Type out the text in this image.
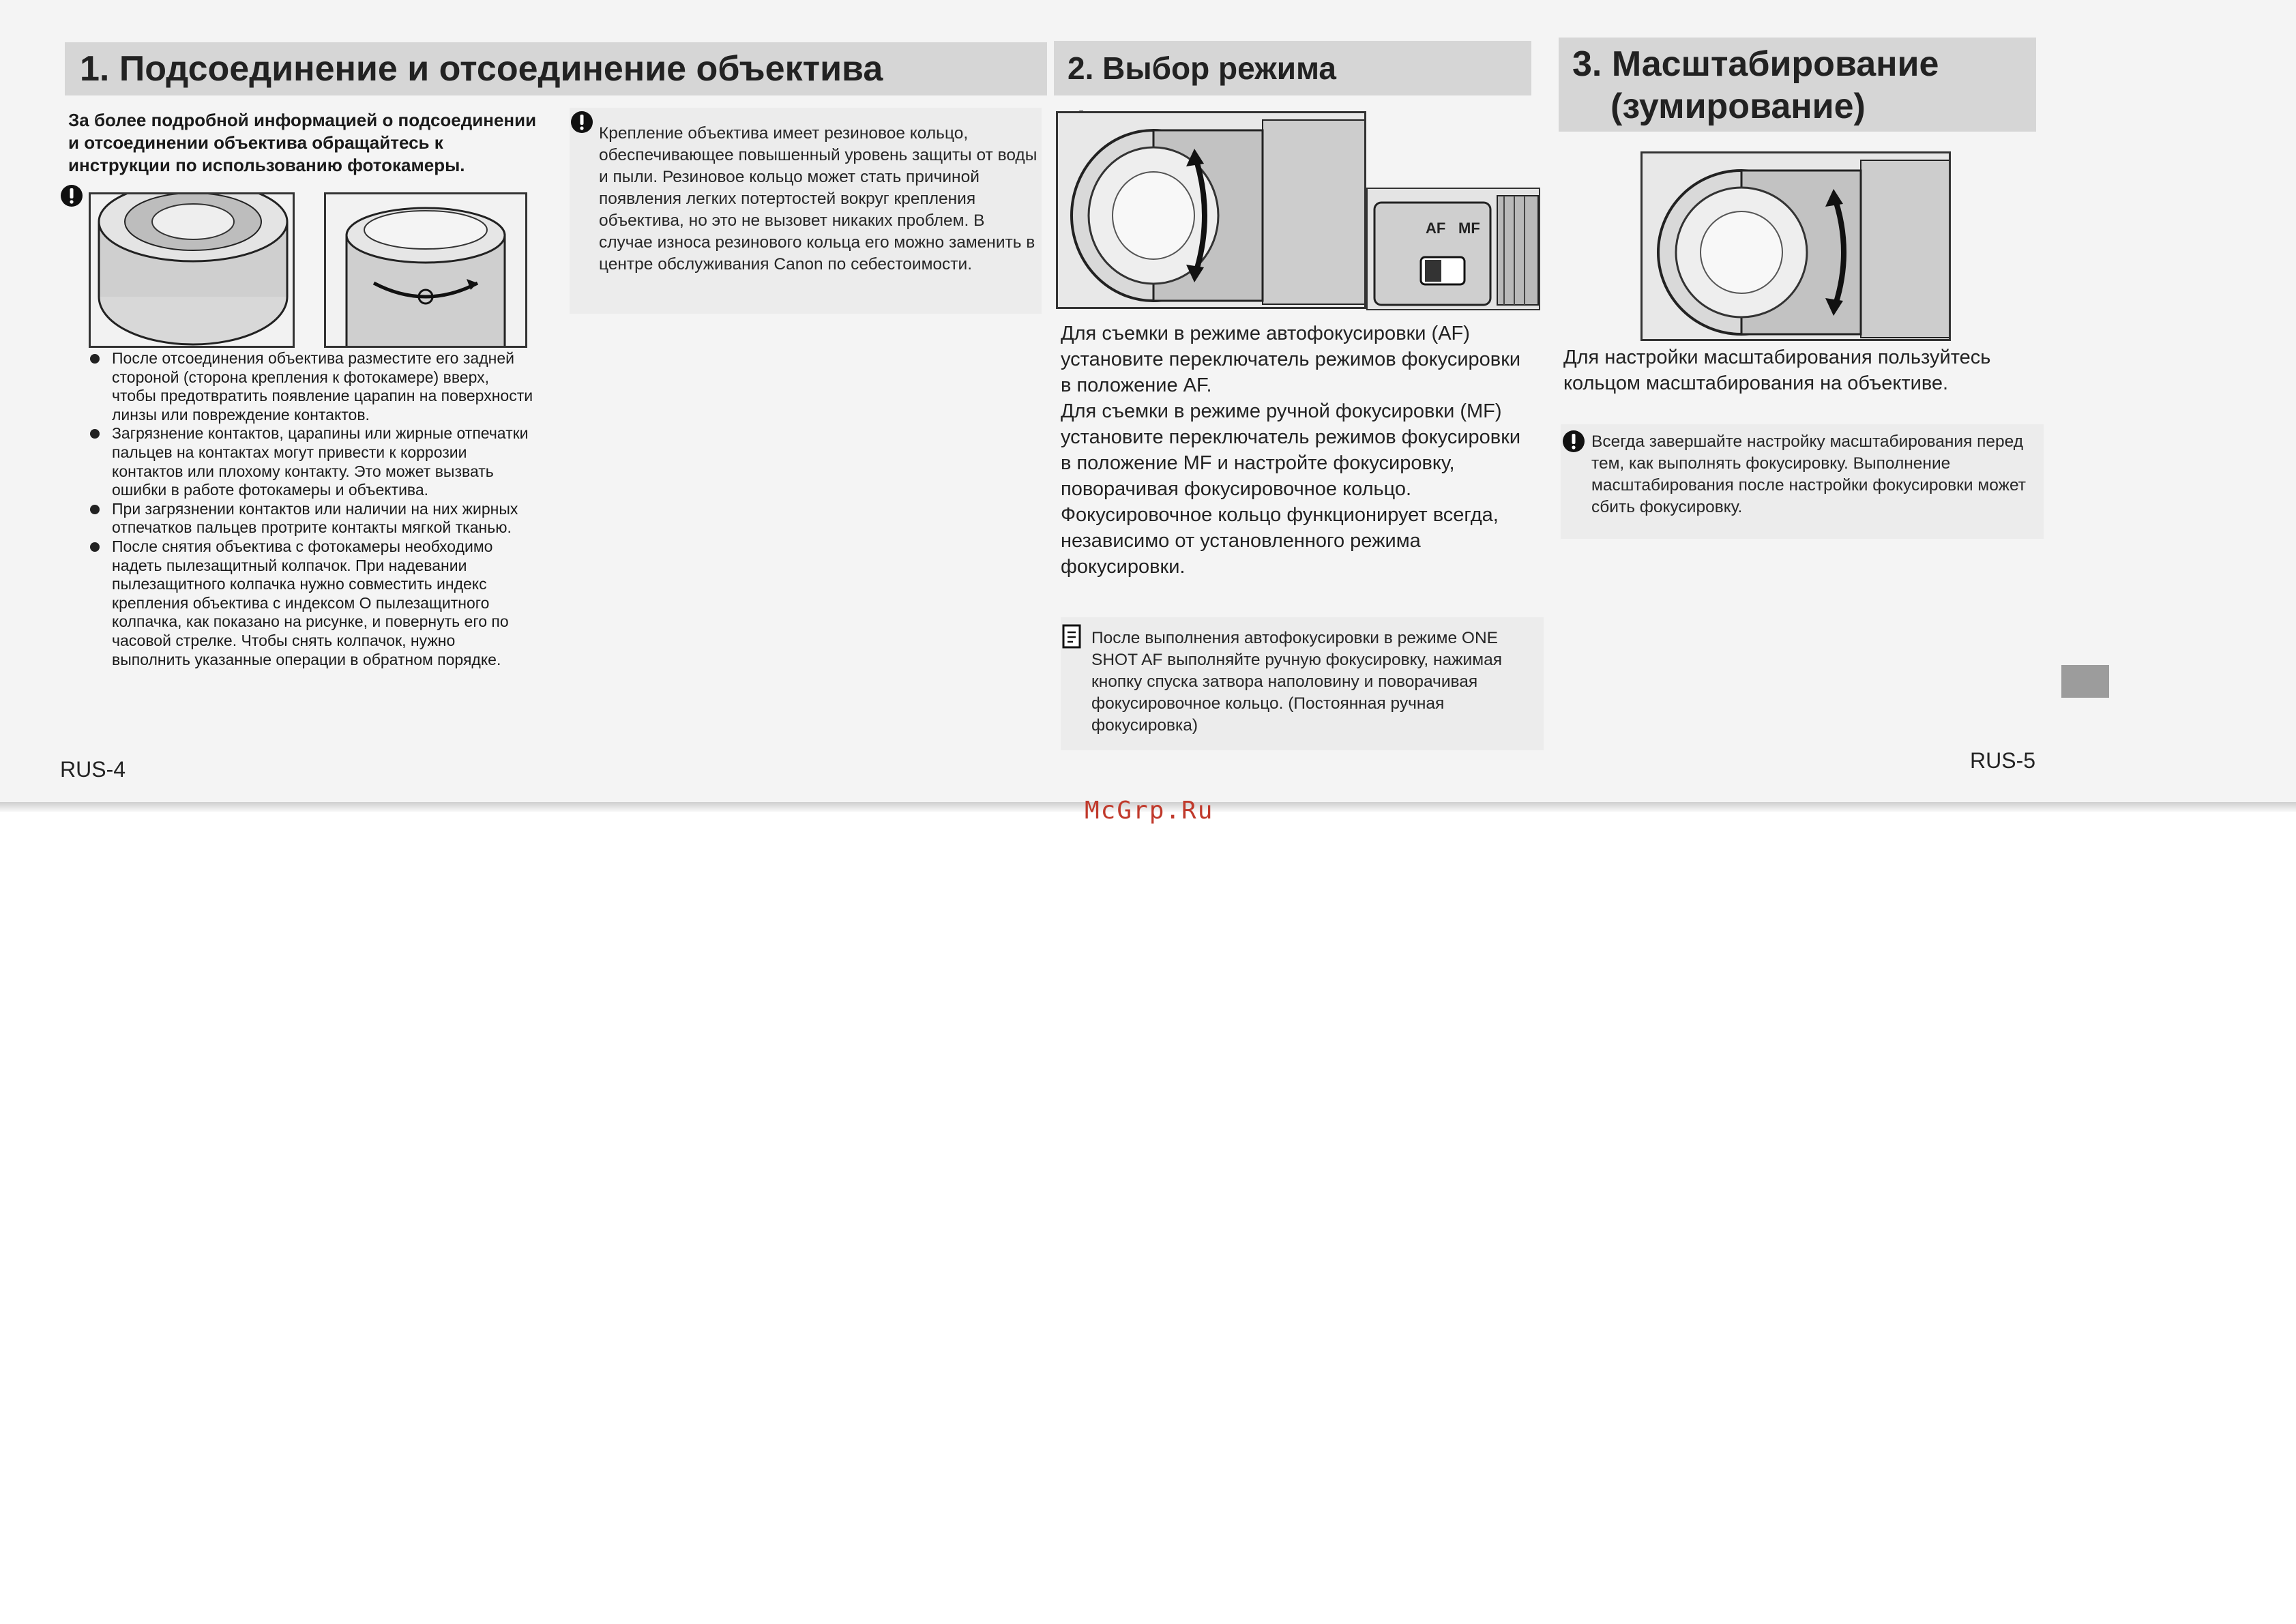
1. Подсоединение и отсоединение объектива
За более подробной информацией о подсоединении и отсоединении объектива обращайтесь к инструкции по использованию фотокамеры.
После отсоединения объектива разместите его задней стороной (сторона крепления к фотокамере) вверх, чтобы предотвратить появление царапин на поверхности линзы или повреждение контактов.
Загрязнение контактов, царапины или жирные отпечатки пальцев на контактах могут привести к коррозии контактов или плохому контакту. Это может вызвать ошибки в работе фотокамеры и объектива.
При загрязнении контактов или наличии на них жирных отпечатков пальцев протрите контакты мягкой тканью.
После снятия объектива с фотокамеры необходимо надеть пылезащитный колпачок. При надевании пылезащитного колпачка нужно совместить индекс крепления объектива с индексом О пылезащитного колпачка, как показано на рисунке, и повернуть его по часовой стрелке. Чтобы снять колпачок, нужно выполнить указанные операции в обратном порядке.
Крепление объектива имеет резиновое кольцо, обеспечивающее повышенный уровень защиты от воды и пыли. Резиновое кольцо может стать причиной появления легких потертостей вокруг крепления объектива, но это не вызовет никаких проблем. В случае износа резинового кольца его можно заменить в центре обслуживания Canon по себестоимости.
2. Выбор режима
AF MF
Для съемки в режиме автофокусировки (AF) установите переключатель режимов фокусировки в положение AF.
Для съемки в режиме ручной фокусировки (MF) установите переключатель режимов фокусировки в положение MF и настройте фокусировку, поворачивая фокусировочное кольцо.
Фокусировочное кольцо функционирует всегда, независимо от установленного режима фокусировки.
После выполнения автофокусировки в режиме ONE SHOT AF выполняйте ручную фокусировку, нажимая кнопку спуска затвора наполовину и поворачивая фокусировочное кольцо. (Постоянная ручная фокусировка)
3. Масштабирование
(зумирование)
Для настройки масштабирования пользуйтесь кольцом масштабирования на объективе.
Всегда завершайте настройку масштабирования перед тем, как выполнять фокусировку. Выполнение масштабирования после настройки фокусировки может сбить фокусировку.
RUS-4	RUS-5
McGrp.Ru
